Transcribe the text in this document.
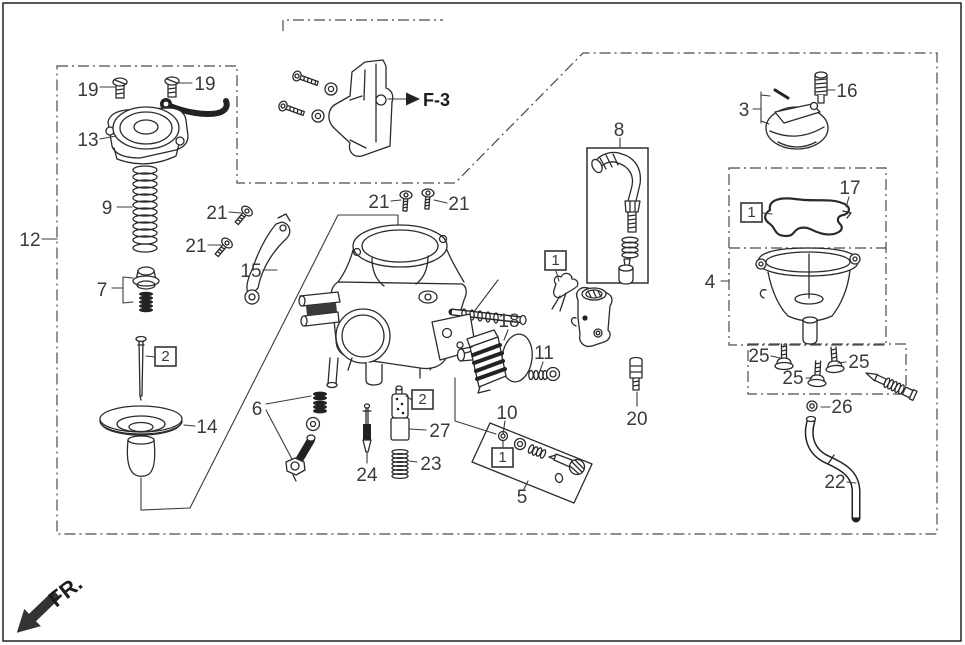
19	19
13
9
12
21
21
21	21
15
7
14
6
24
27
23
10
5
18
11
20
8
3
16
17
4
25	25
25
26
22
2
2
1
1
1
F-3
FR.
